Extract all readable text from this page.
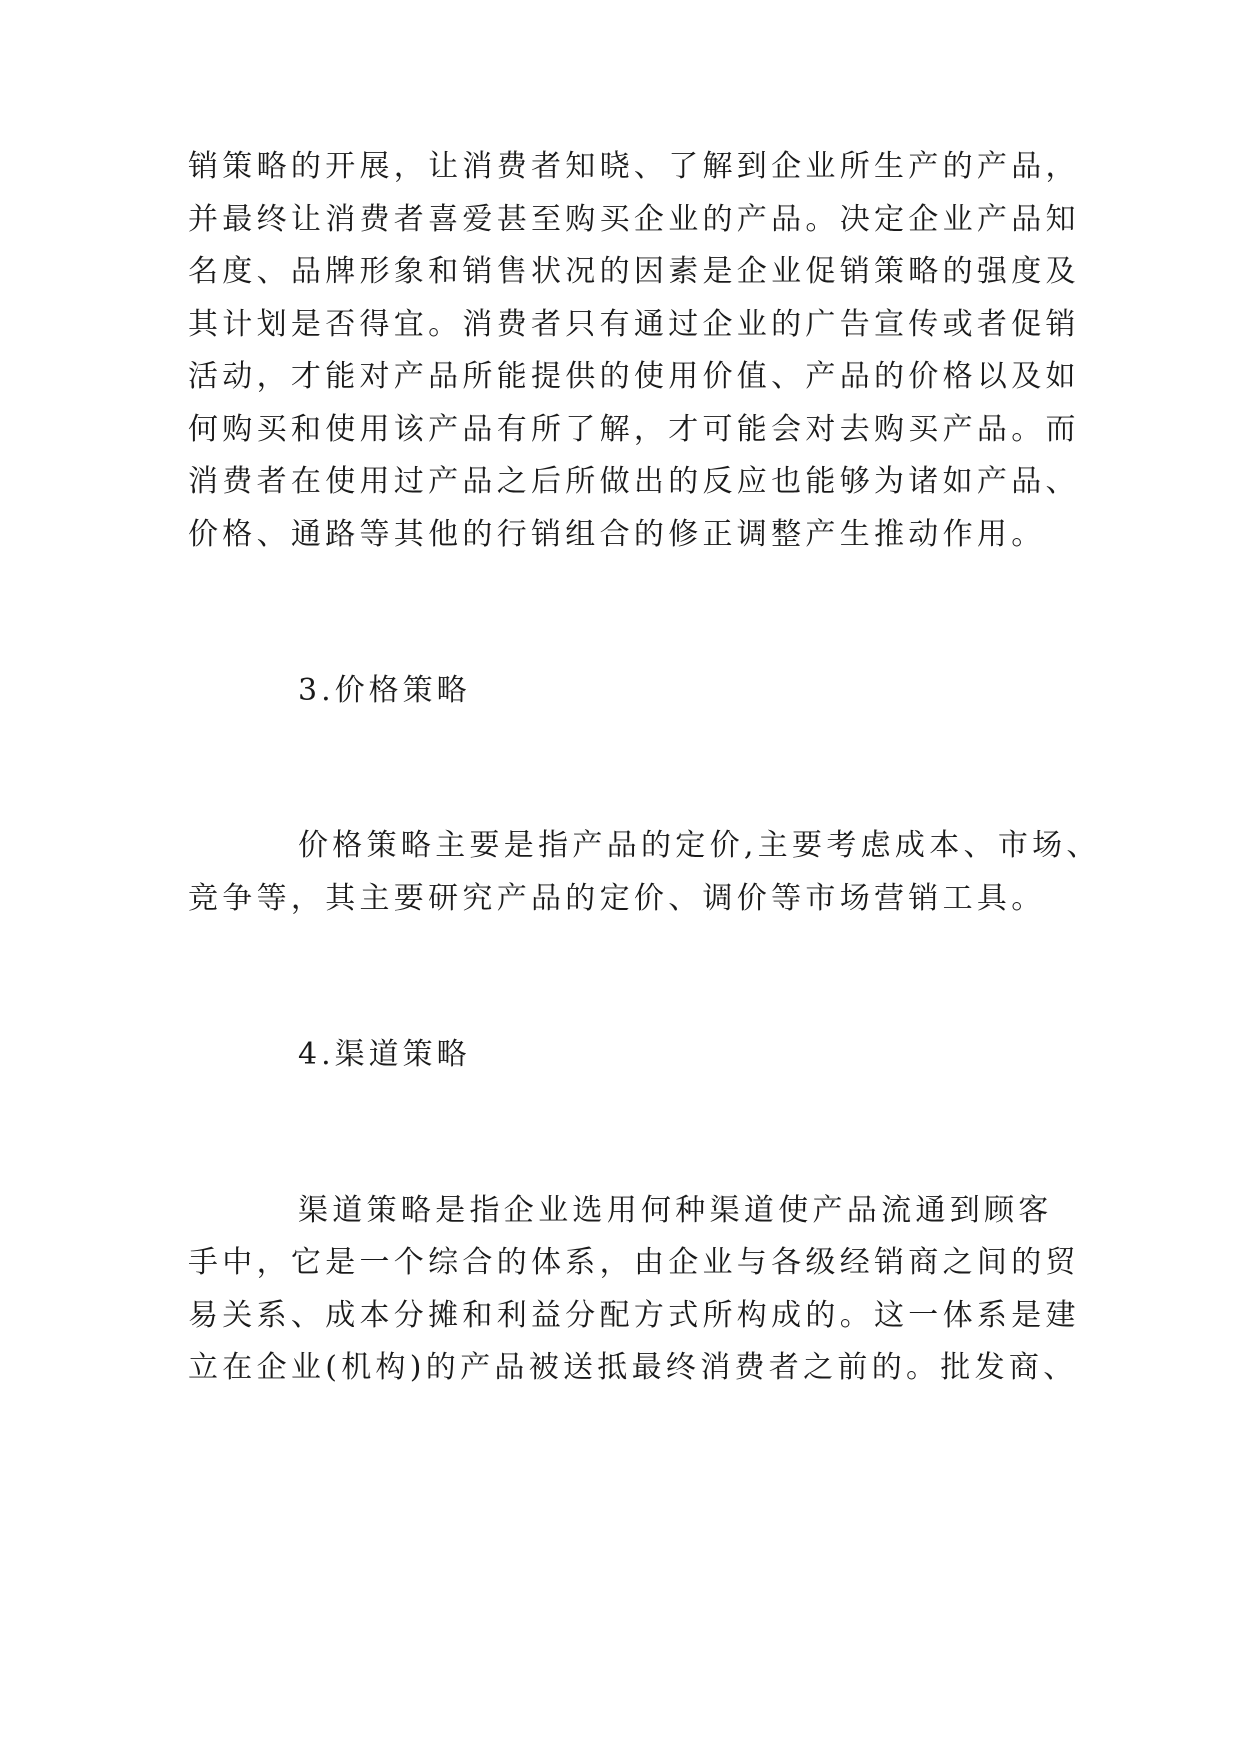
销策略的开展，让消费者知晓、了解到企业所生产的产品，
并最终让消费者喜爱甚至购买企业的产品。决定企业产品知
名度、品牌形象和销售状况的因素是企业促销策略的强度及
其计划是否得宜。消费者只有通过企业的广告宣传或者促销
活动，才能对产品所能提供的使用价值、产品的价格以及如
何购买和使用该产品有所了解，才可能会对去购买产品。而
消费者在使用过产品之后所做出的反应也能够为诸如产品、
价格、通路等其他的行销组合的修正调整产生推动作用。
3.价格策略
价格策略主要是指产品的定价,主要考虑成本、市场、
竞争等，其主要研究产品的定价、调价等市场营销工具。
4.渠道策略
渠道策略是指企业选用何种渠道使产品流通到顾客
手中，它是一个综合的体系，由企业与各级经销商之间的贸
易关系、成本分摊和利益分配方式所构成的。这一体系是建
立在企业(机构)的产品被送抵最终消费者之前的。批发商、
